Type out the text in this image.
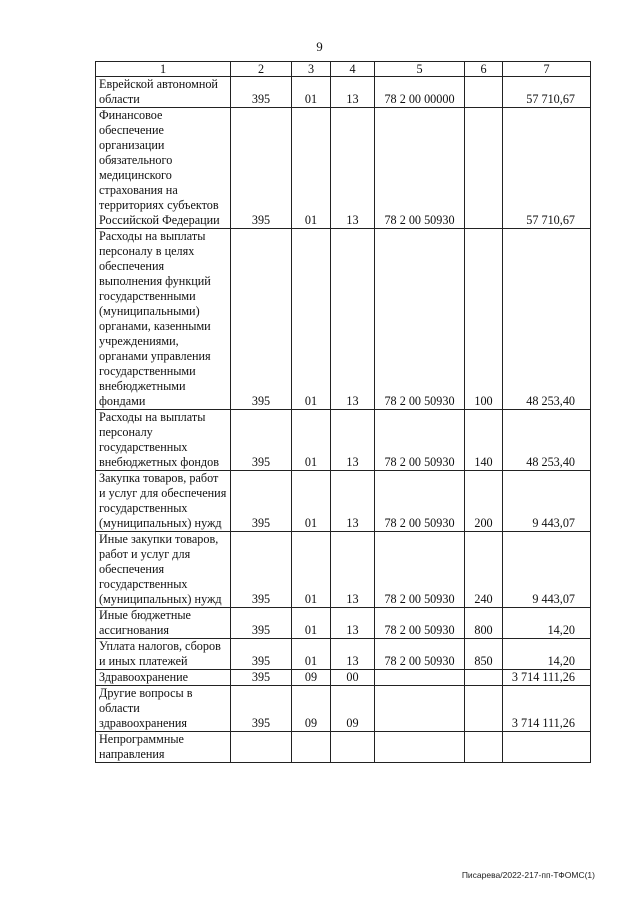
9
1	2	3	4	5	6	7
Еврейской автономной области	395	01	13	78 2 00 00000		57 710,67
Финансовое обеспечение организации обязательного медицинского страхования на территориях субъектов Российской Федерации	395	01	13	78 2 00 50930		57 710,67
Расходы на выплаты персоналу в целях обеспечения выполнения функций государственными (муниципальными) органами, казенными учреждениями, органами управления государственными внебюджетными фондами	395	01	13	78 2 00 50930	100	48 253,40
Расходы на выплаты персоналу государственных внебюджетных фондов	395	01	13	78 2 00 50930	140	48 253,40
Закупка товаров, работ и услуг для обеспечения государственных (муниципальных) нужд	395	01	13	78 2 00 50930	200	9 443,07
Иные закупки товаров, работ и услуг для обеспечения государственных (муниципальных) нужд	395	01	13	78 2 00 50930	240	9 443,07
Иные бюджетные ассигнования	395	01	13	78 2 00 50930	800	14,20
Уплата налогов, сборов и иных платежей	395	01	13	78 2 00 50930	850	14,20
Здравоохранение	395	09	00			3 714 111,26
Другие вопросы в области здравоохранения	395	09	09			3 714 111,26
Непрограммные направления						
Писарева/2022-217-пп-ТФОМС(1)
